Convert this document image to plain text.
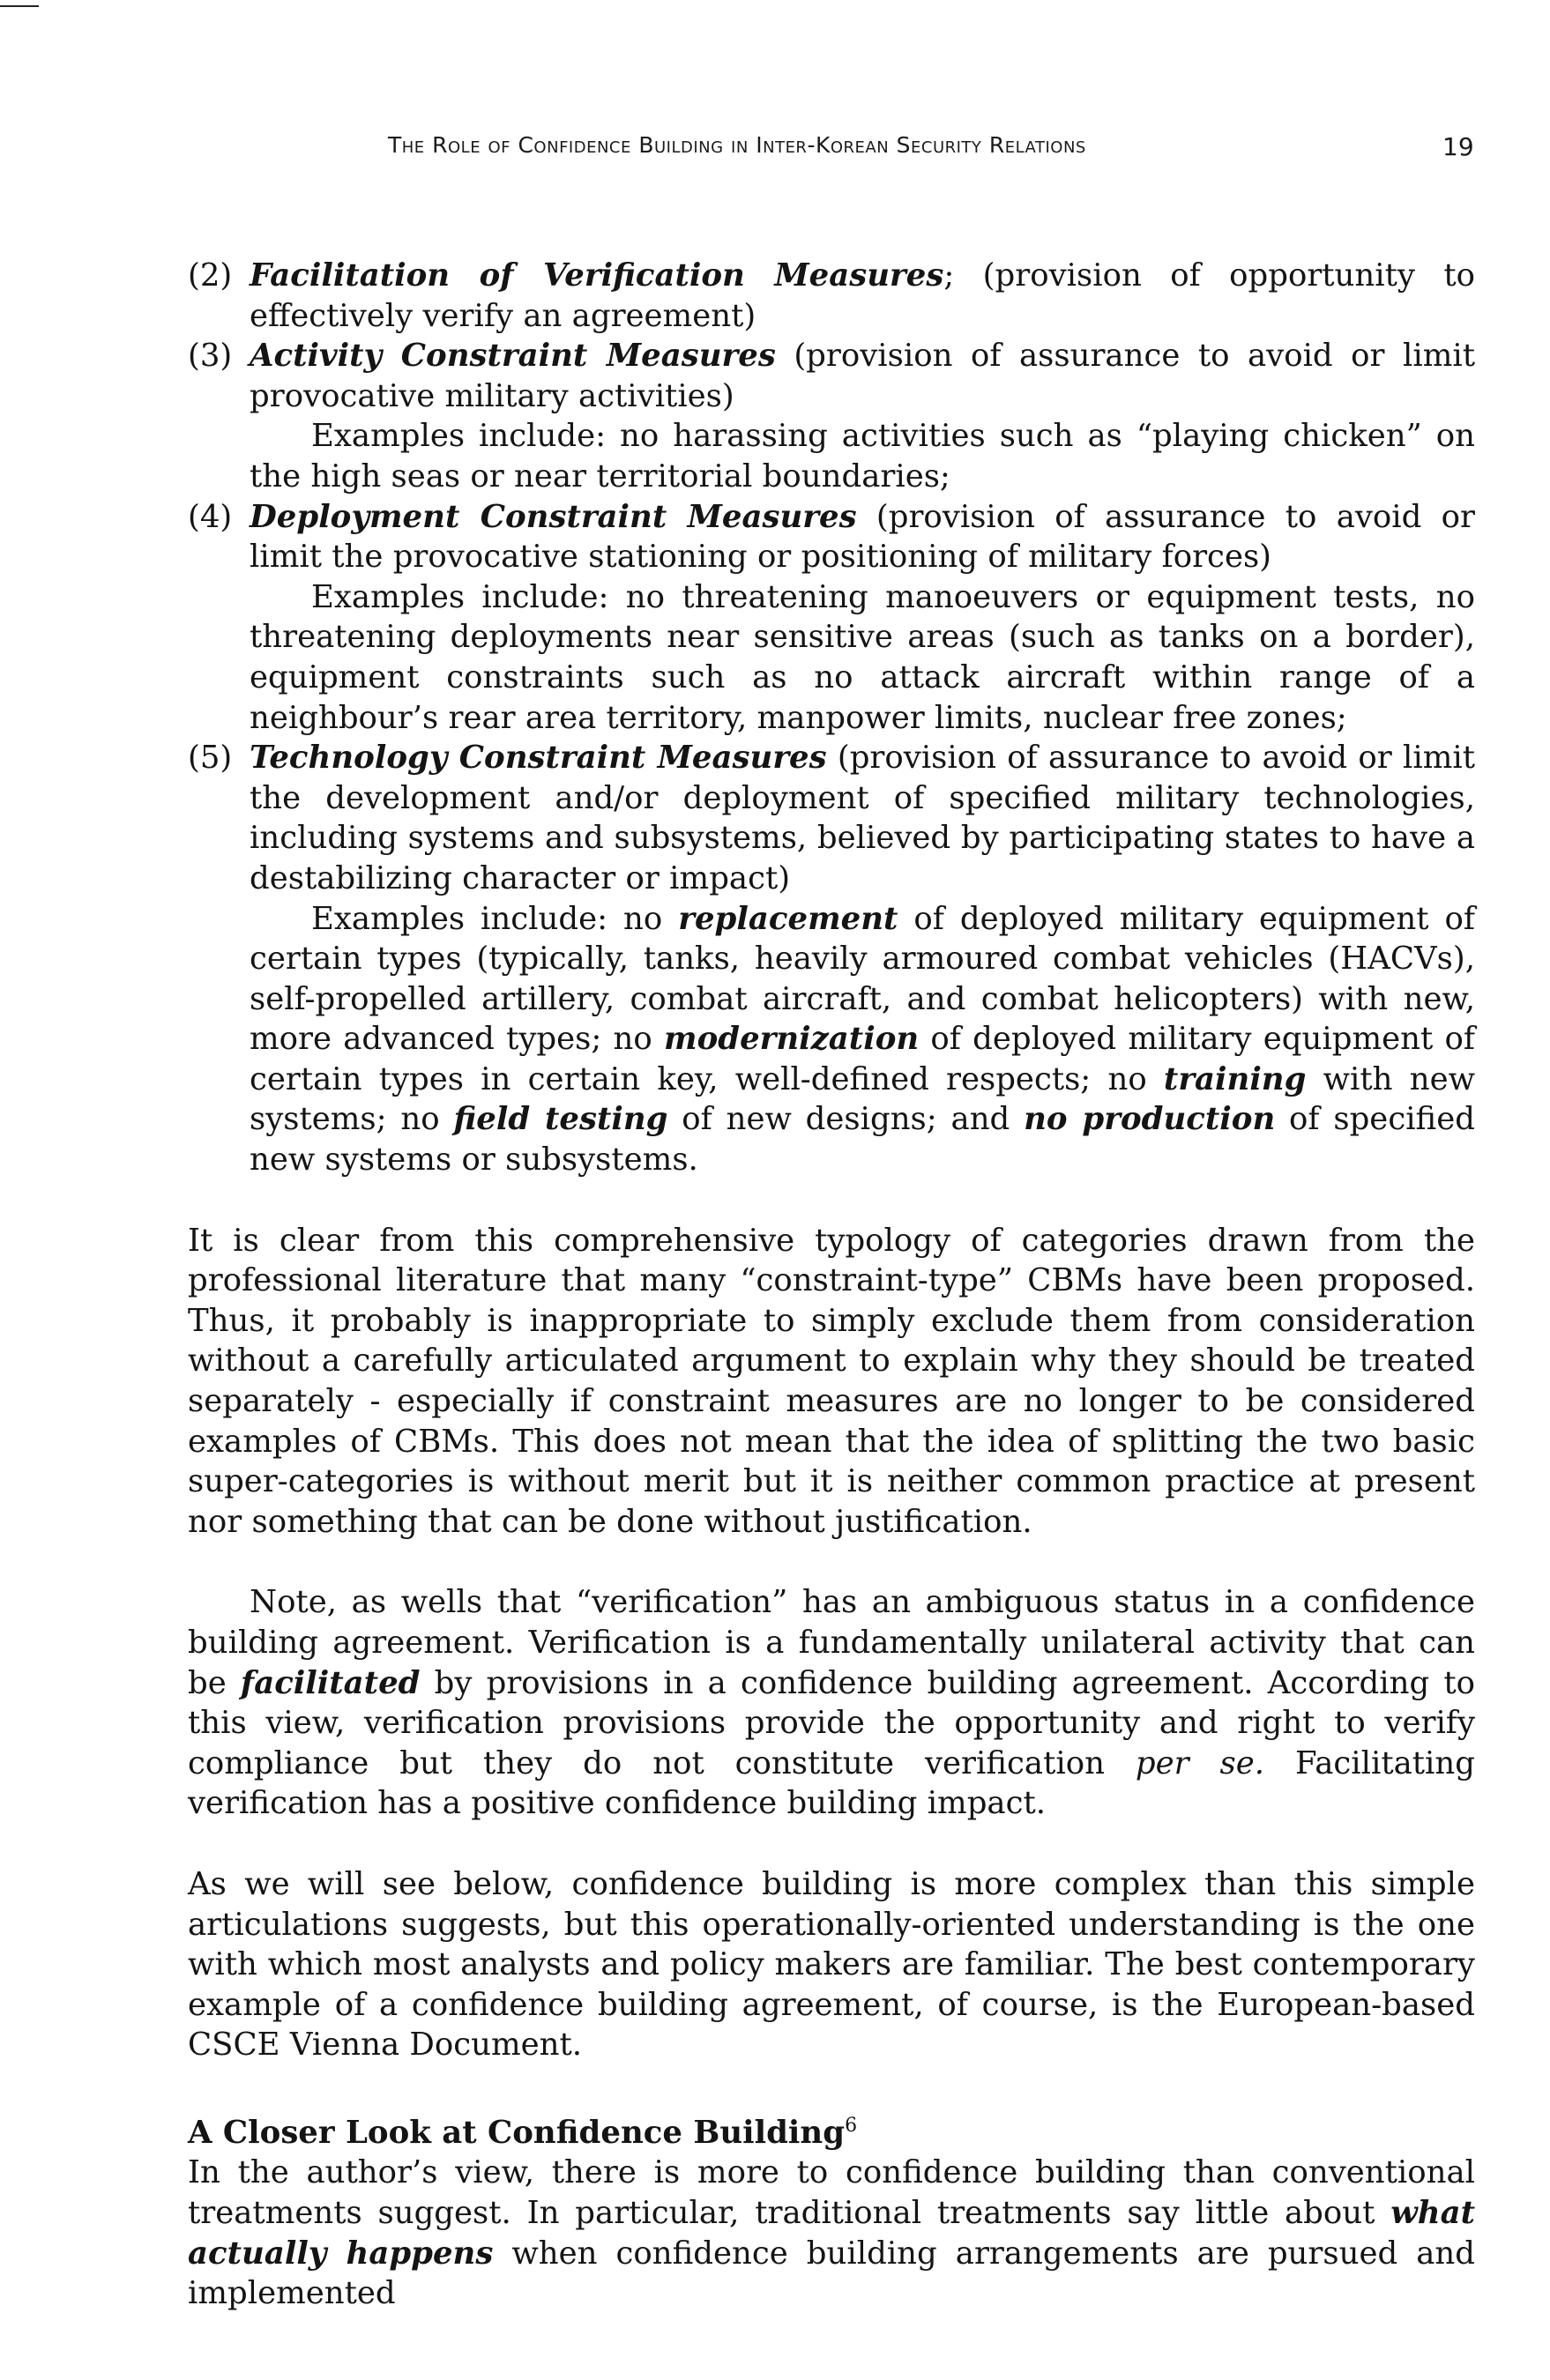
The Role of Confidence Building in Inter-Korean Security Relations	19
(2) Facilitation of Verification Measures; (provision of opportunity to effectively verify an agreement)
(3) Activity Constraint Measures (provision of assurance to avoid or limit provocative military activities)
Examples include: no harassing activities such as “playing chicken” on the high seas or near territorial boundaries;
(4) Deployment Constraint Measures (provision of assurance to avoid or limit the provocative stationing or positioning of military forces)
Examples include: no threatening manoeuvers or equipment tests, no threatening deployments near sensitive areas (such as tanks on a border), equipment constraints such as no attack aircraft within range of a neighbour’s rear area territory, manpower limits, nuclear free zones;
(5) Technology Constraint Measures (provision of assurance to avoid or limit the development and/or deployment of specified military technologies, including systems and subsystems, believed by participating states to have a destabilizing character or impact)
Examples include: no replacement of deployed military equipment of certain types (typically, tanks, heavily armoured combat vehicles (HACVs), self-propelled artillery, combat aircraft, and combat helicopters) with new, more advanced types; no modernization of deployed military equipment of certain types in certain key, well-defined respects; no training with new systems; no field testing of new designs; and no production of specified new systems or subsystems.

It is clear from this comprehensive typology of categories drawn from the professional literature that many “constraint-type” CBMs have been proposed. Thus, it probably is inappropriate to simply exclude them from consideration without a carefully articulated argument to explain why they should be treated separately - especially if constraint measures are no longer to be considered examples of CBMs. This does not mean that the idea of splitting the two basic super-categories is without merit but it is neither common practice at present nor something that can be done without justification.

Note, as wells that “verification” has an ambiguous status in a confidence building agreement. Verification is a fundamentally unilateral activity that can be facilitated by provisions in a confidence building agreement. According to this view, verification provisions provide the opportunity and right to verify compliance but they do not constitute verification per se. Facilitating verification has a positive confidence building impact.

As we will see below, confidence building is more complex than this simple articulations suggests, but this operationally-oriented understanding is the one with which most analysts and policy makers are familiar. The best contemporary example of a confidence building agreement, of course, is the European-based CSCE Vienna Document.

A Closer Look at Confidence Building$^6$
In the author’s view, there is more to confidence building than conventional treatments suggest. In particular, traditional treatments say little about what actually happens when confidence building arrangements are pursued and implemented
